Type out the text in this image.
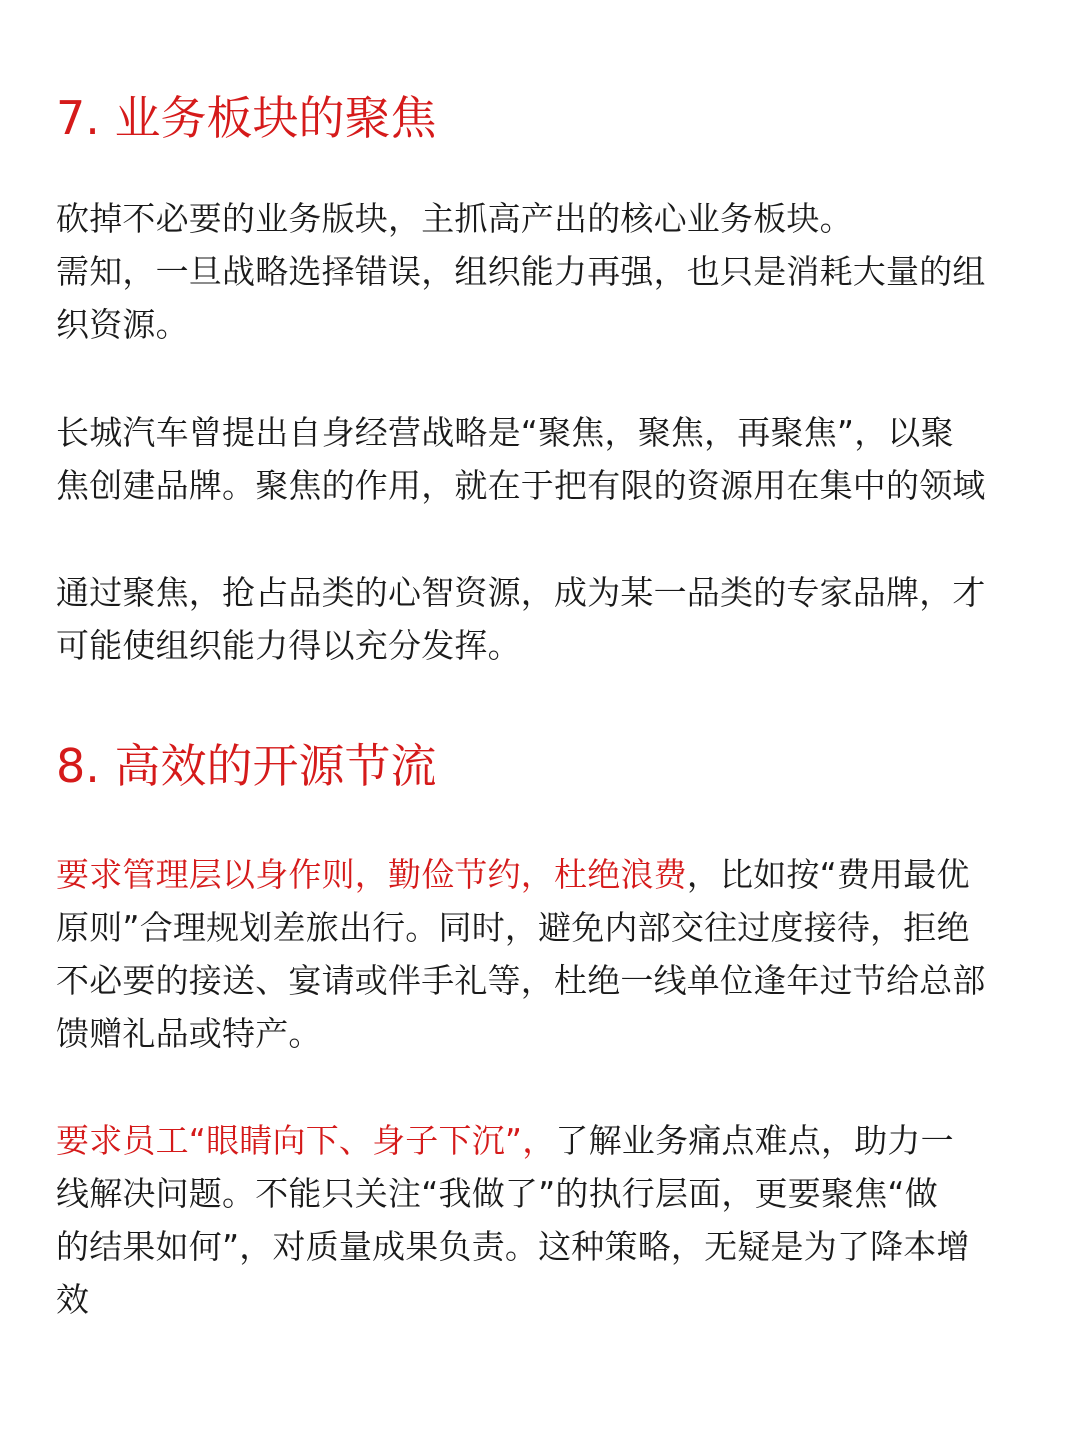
7. 业务板块的聚焦

砍掉不必要的业务版块，主抓高产出的核心业务板块。
需知，一旦战略选择错误，组织能力再强，也只是消耗大量的组
织资源。

长城汽车曾提出自身经营战略是“聚焦，聚焦，再聚焦”，以聚
焦创建品牌。聚焦的作用，就在于把有限的资源用在集中的领域

通过聚焦，抢占品类的心智资源，成为某一品类的专家品牌，才
可能使组织能力得以充分发挥。

8. 高效的开源节流

要求管理层以身作则，勤俭节约，杜绝浪费，比如按“费用最优
原则”合理规划差旅出行。同时，避免内部交往过度接待，拒绝
不必要的接送、宴请或伴手礼等，杜绝一线单位逢年过节给总部
馈赠礼品或特产。

要求员工“眼睛向下、身子下沉”，了解业务痛点难点，助力一
线解决问题。不能只关注“我做了”的执行层面，更要聚焦“做
的结果如何”，对质量成果负责。这种策略，无疑是为了降本增
效
